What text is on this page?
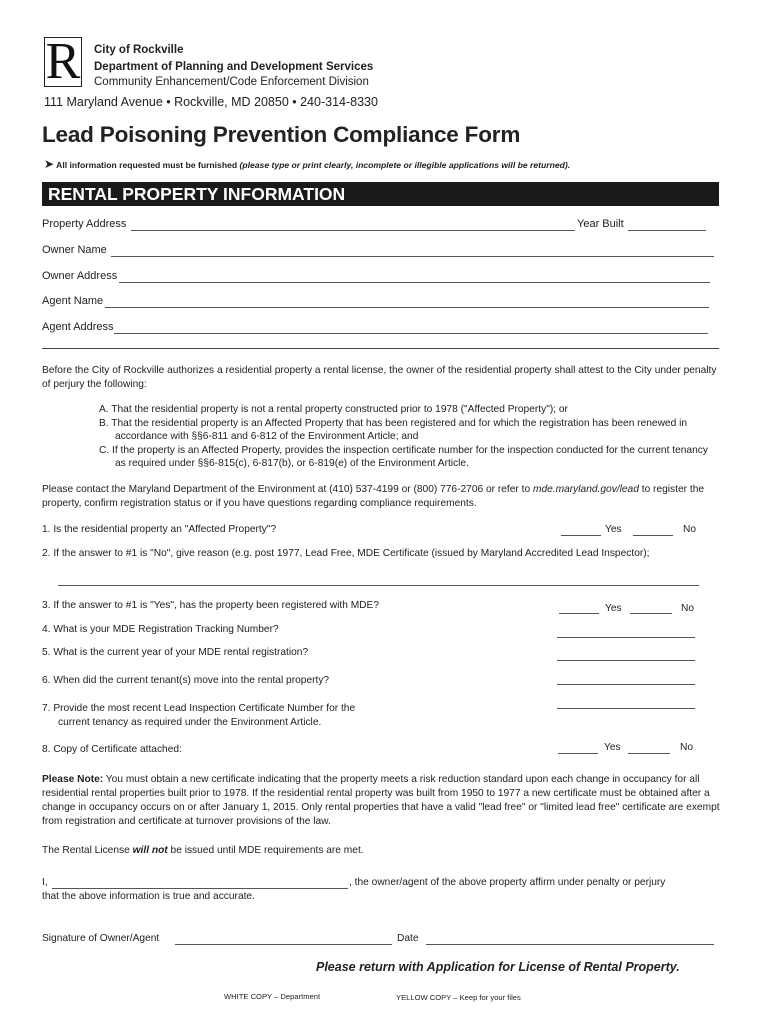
R City of Rockville
Department of Planning and Development Services
Community Enhancement/Code Enforcement Division
111 Maryland Avenue • Rockville, MD 20850 • 240-314-8330
Lead Poisoning Prevention Compliance Form
➤ All information requested must be furnished (please type or print clearly, incomplete or illegible applications will be returned).
RENTAL PROPERTY INFORMATION
Property Address	Year Built
Owner Name
Owner Address
Agent Name
Agent Address
Before the City of Rockville authorizes a residential property a rental license, the owner of the residential property shall attest to the City under penalty of perjury the following:
A. That the residential property is not a rental property constructed prior to 1978 ("Affected Property"); or
B. That the residential property is an Affected Property that has been registered and for which the registration has been renewed in accordance with §§6-811 and 6-812 of the Environment Article; and
C. If the property is an Affected Property, provides the inspection certificate number for the inspection conducted for the current tenancy as required under §§6-815(c), 6-817(b), or 6-819(e) of the Environment Article.
Please contact the Maryland Department of the Environment at (410) 537-4199 or (800) 776-2706 or refer to mde.maryland.gov/lead to register the property, confirm registration status or if you have questions regarding compliance requirements.
1. Is the residential property an "Affected Property"?	Yes	No
2. If the answer to #1 is "No", give reason (e.g. post 1977, Lead Free, MDE Certificate (issued by Maryland Accredited Lead Inspector);
3. If the answer to #1 is "Yes", has the property been registered with MDE?	Yes	No
4. What is your MDE Registration Tracking Number?
5. What is the current year of your MDE rental registration?
6. When did the current tenant(s) move into the rental property?
7. Provide the most recent Lead Inspection Certificate Number for the
current tenancy as required under the Environment Article.
8. Copy of Certificate attached:	Yes	No
Please Note: You must obtain a new certificate indicating that the property meets a risk reduction standard upon each change in occupancy for all residential rental properties built prior to 1978. If the residential rental property was built from 1950 to 1977 a new certificate must be obtained after a change in occupancy occurs on or after January 1, 2015. Only rental properties that have a valid "lead free" or "limited lead free" certificate are exempt from registration and certificate at turnover provisions of the law.
The Rental License will not be issued until MDE requirements are met.
I,	, the owner/agent of the above property affirm under penalty or perjury
that the above information is true and accurate.
Signature of Owner/Agent	Date
Please return with Application for License of Rental Property.
WHITE COPY – Department	YELLOW COPY – Keep for your files
